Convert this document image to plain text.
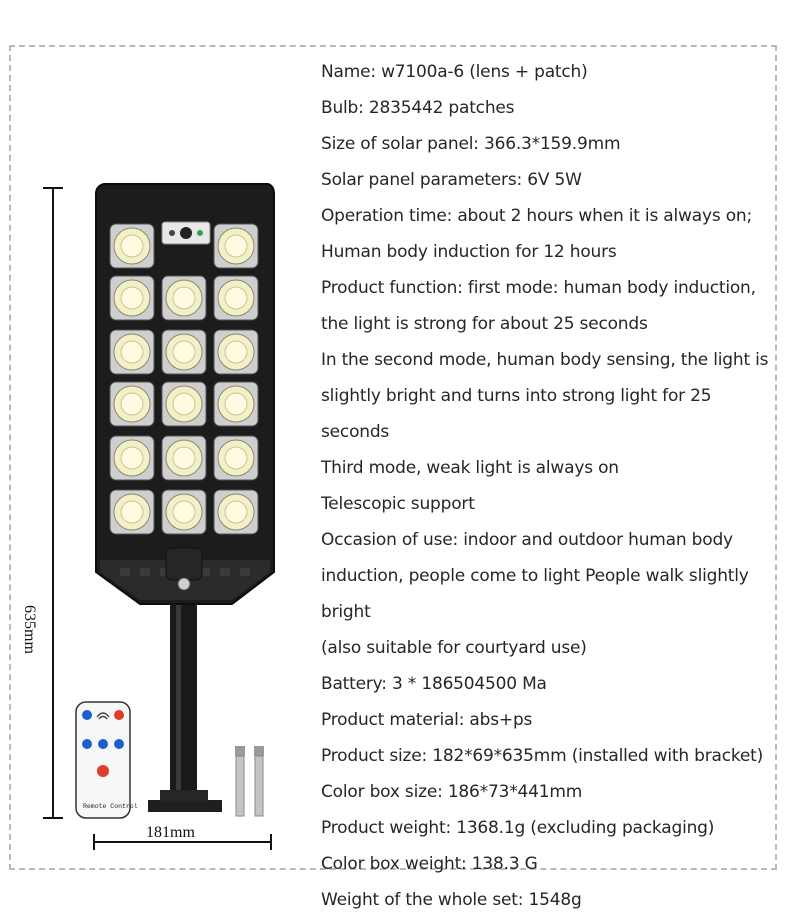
Remote Control
635mm
181mm
Name: w7100a-6 (lens + patch)
Bulb: 2835442 patches
Size of solar panel: 366.3*159.9mm
Solar panel parameters: 6V 5W
Operation time: about 2 hours when it is always on;
Human body induction for 12 hours
Product function: first mode: human body induction,
the light is strong for about 25 seconds
In the second mode, human body sensing, the light is
slightly bright and turns into strong light for 25
seconds
Third mode, weak light is always on
Telescopic support
Occasion of use: indoor and outdoor human body
induction, people come to light People walk slightly
bright
(also suitable for courtyard use)
Battery: 3 * 186504500 Ma
Product material: abs+ps
Product size: 182*69*635mm (installed with bracket)
Color box size: 186*73*441mm
Product weight: 1368.1g (excluding packaging)
Color box weight: 138.3 G
Weight of the whole set: 1548g
